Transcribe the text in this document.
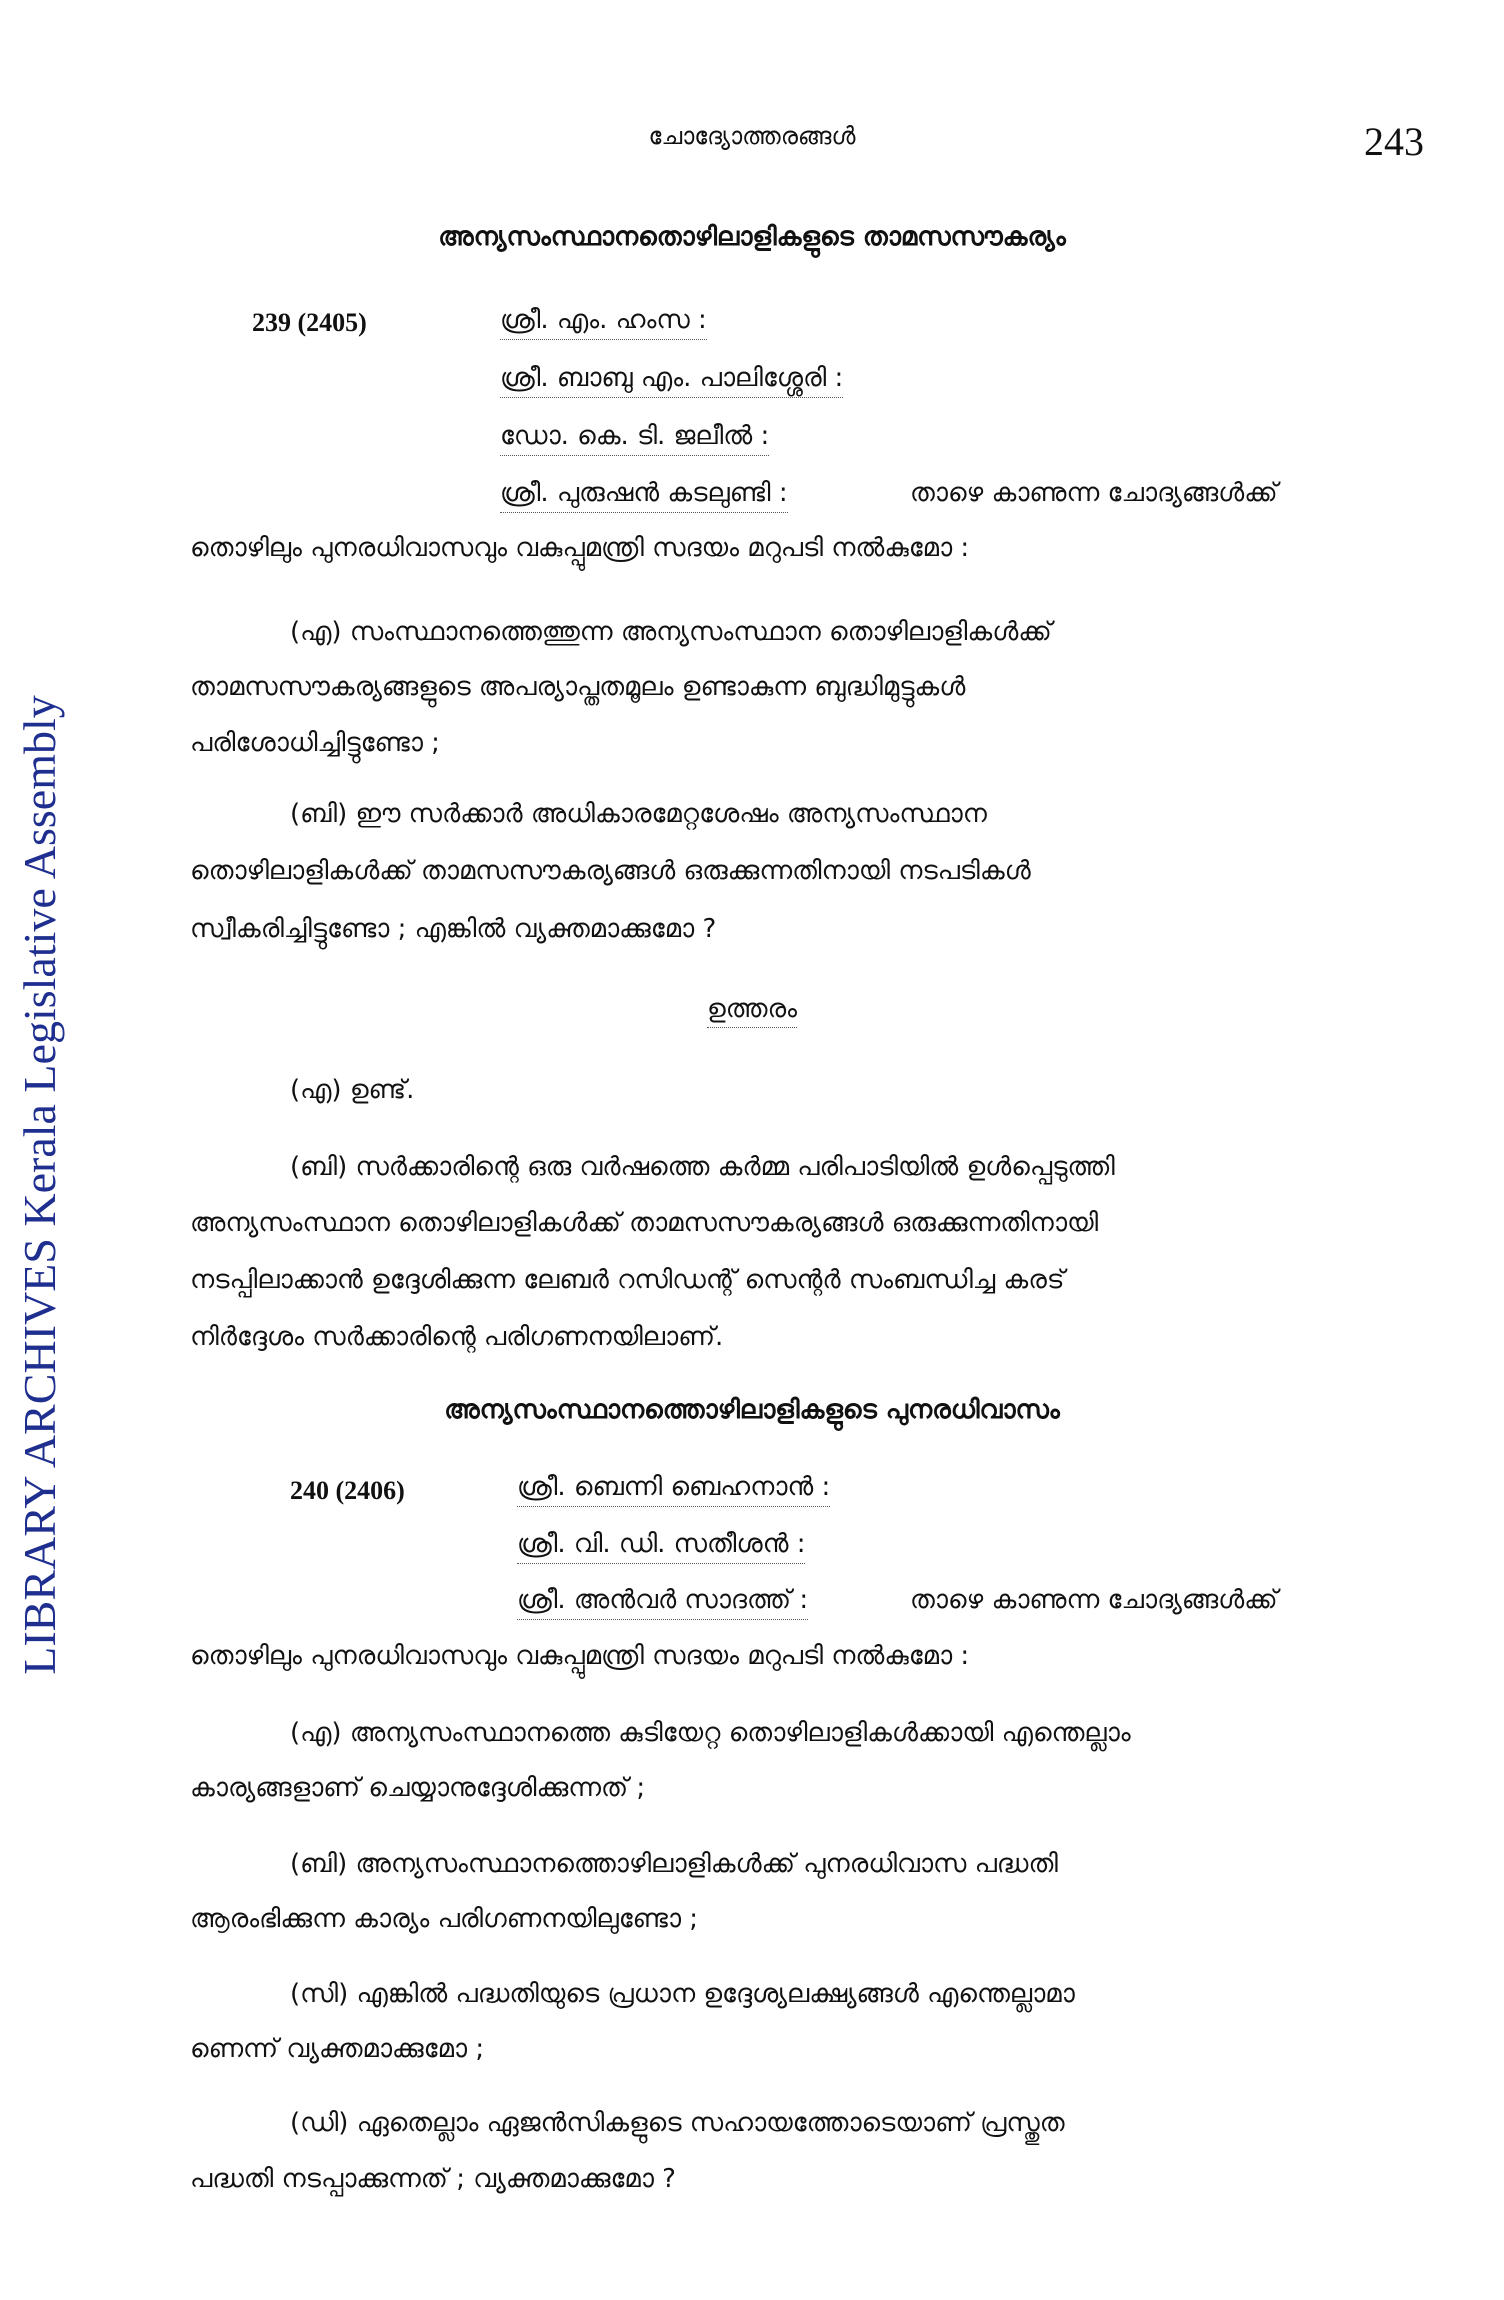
LIBRARY ARCHIVES Kerala Legislative Assembly
ചോദ്യോത്തരങ്ങൾ	243
അന്യസംസ്ഥാനതൊഴിലാളികളുടെ താമസസൗകര്യം
239 (2405)	ശ്രീ. എം. ഹംസ :
ശ്രീ. ബാബു എം. പാലിശ്ശേരി :
ഡോ. കെ. ടി. ജലീൽ :
ശ്രീ. പുരുഷൻ കടലുണ്ടി :	താഴെ കാണുന്ന ചോദ്യങ്ങൾക്ക്
തൊഴിലും പുനരധിവാസവും വകുപ്പുമന്ത്രി സദയം മറുപടി നൽകുമോ :
(എ) സംസ്ഥാനത്തെത്തുന്ന അന്യസംസ്ഥാന തൊഴിലാളികൾക്ക്
താമസസൗകര്യങ്ങളുടെ അപര്യാപ്തതമൂലം ഉണ്ടാകുന്ന ബുദ്ധിമുട്ടുകൾ
പരിശോധിച്ചിട്ടുണ്ടോ ;
(ബി) ഈ സർക്കാർ അധികാരമേറ്റശേഷം അന്യസംസ്ഥാന
തൊഴിലാളികൾക്ക് താമസസൗകര്യങ്ങൾ ഒരുക്കുന്നതിനായി നടപടികൾ
സ്വീകരിച്ചിട്ടുണ്ടോ ; എങ്കിൽ വ്യക്തമാക്കുമോ ?
ഉത്തരം
(എ) ഉണ്ട്.
(ബി) സർക്കാരിന്റെ ഒരു വർഷത്തെ കർമ്മ പരിപാടിയിൽ ഉൾപ്പെടുത്തി
അന്യസംസ്ഥാന തൊഴിലാളികൾക്ക് താമസസൗകര്യങ്ങൾ ഒരുക്കുന്നതിനായി
നടപ്പിലാക്കാൻ ഉദ്ദേശിക്കുന്ന ലേബർ റസിഡന്റ് സെന്റർ സംബന്ധിച്ച കരട്
നിർദ്ദേശം സർക്കാരിന്റെ പരിഗണനയിലാണ്.
അന്യസംസ്ഥാനത്തൊഴിലാളികളുടെ പുനരധിവാസം
240 (2406)	ശ്രീ. ബെന്നി ബെഹനാൻ :
ശ്രീ. വി. ഡി. സതീശൻ :
ശ്രീ. അൻവർ സാദത്ത് :	താഴെ കാണുന്ന ചോദ്യങ്ങൾക്ക്
തൊഴിലും പുനരധിവാസവും വകുപ്പുമന്ത്രി സദയം മറുപടി നൽകുമോ :
(എ) അന്യസംസ്ഥാനത്തെ കുടിയേറ്റ തൊഴിലാളികൾക്കായി എന്തെല്ലാം
കാര്യങ്ങളാണ് ചെയ്യാനുദ്ദേശിക്കുന്നത് ;
(ബി) അന്യസംസ്ഥാനത്തൊഴിലാളികൾക്ക് പുനരധിവാസ പദ്ധതി
ആരംഭിക്കുന്ന കാര്യം പരിഗണനയിലുണ്ടോ ;
(സി) എങ്കിൽ പദ്ധതിയുടെ പ്രധാന ഉദ്ദേശ്യലക്ഷ്യങ്ങൾ എന്തെല്ലാമാ
ണെന്ന് വ്യക്തമാക്കുമോ ;
(ഡി) ഏതെല്ലാം ഏജൻസികളുടെ സഹായത്തോടെയാണ് പ്രസ്തുത
പദ്ധതി നടപ്പാക്കുന്നത് ; വ്യക്തമാക്കുമോ ?
